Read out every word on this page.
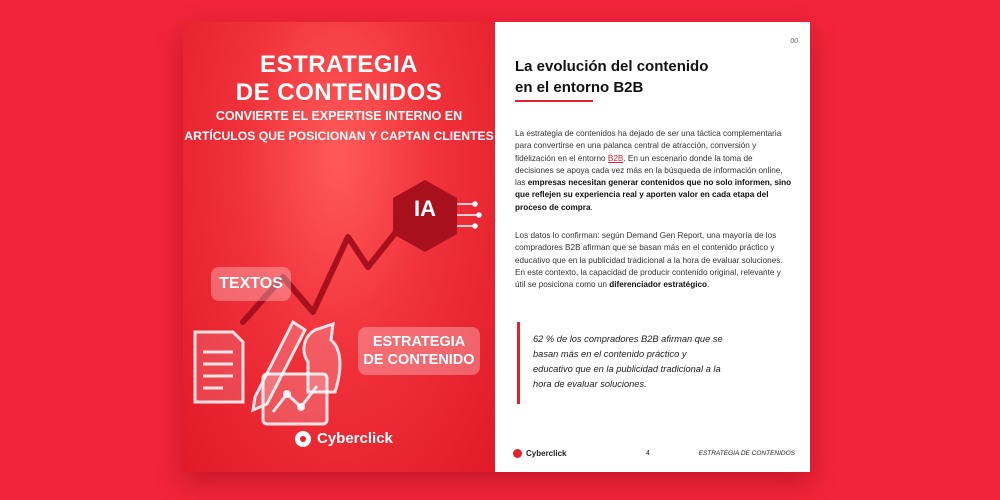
ESTRATEGIA
DE CONTENIDOS
CONVIERTE EL EXPERTISE INTERNO EN
ARTÍCULOS QUE POSICIONAN Y CAPTAN CLIENTES
IA
TEXTOS
ESTRATEGIA
DE CONTENIDO
Cyberclick
00
La evolución del contenido
en el entorno B2B
La estrategia de contenidos ha dejado de ser una táctica complementaria para convertirse en una palanca central de atracción, conversión y fidelización en el entorno B2B. En un escenario donde la toma de decisiones se apoya cada vez más en la búsqueda de información online, las empresas necesitan generar contenidos que no solo informen, sino que reflejen su experiencia real y aporten valor en cada etapa del proceso de compra.
Los datos lo confirman: según Demand Gen Report, una mayoría de los compradores B2B afirman que se basan más en el contenido práctico y educativo que en la publicidad tradicional a la hora de evaluar soluciones. En este contexto, la capacidad de producir contenido original, relevante y útil se posiciona como un diferenciador estratégico.
62 % de los compradores B2B afirman que se basan más en el contenido práctico y educativo que en la publicidad tradicional a la hora de evaluar soluciones.
Cyberclick	4	ESTRATEGIA DE CONTENIDOS
